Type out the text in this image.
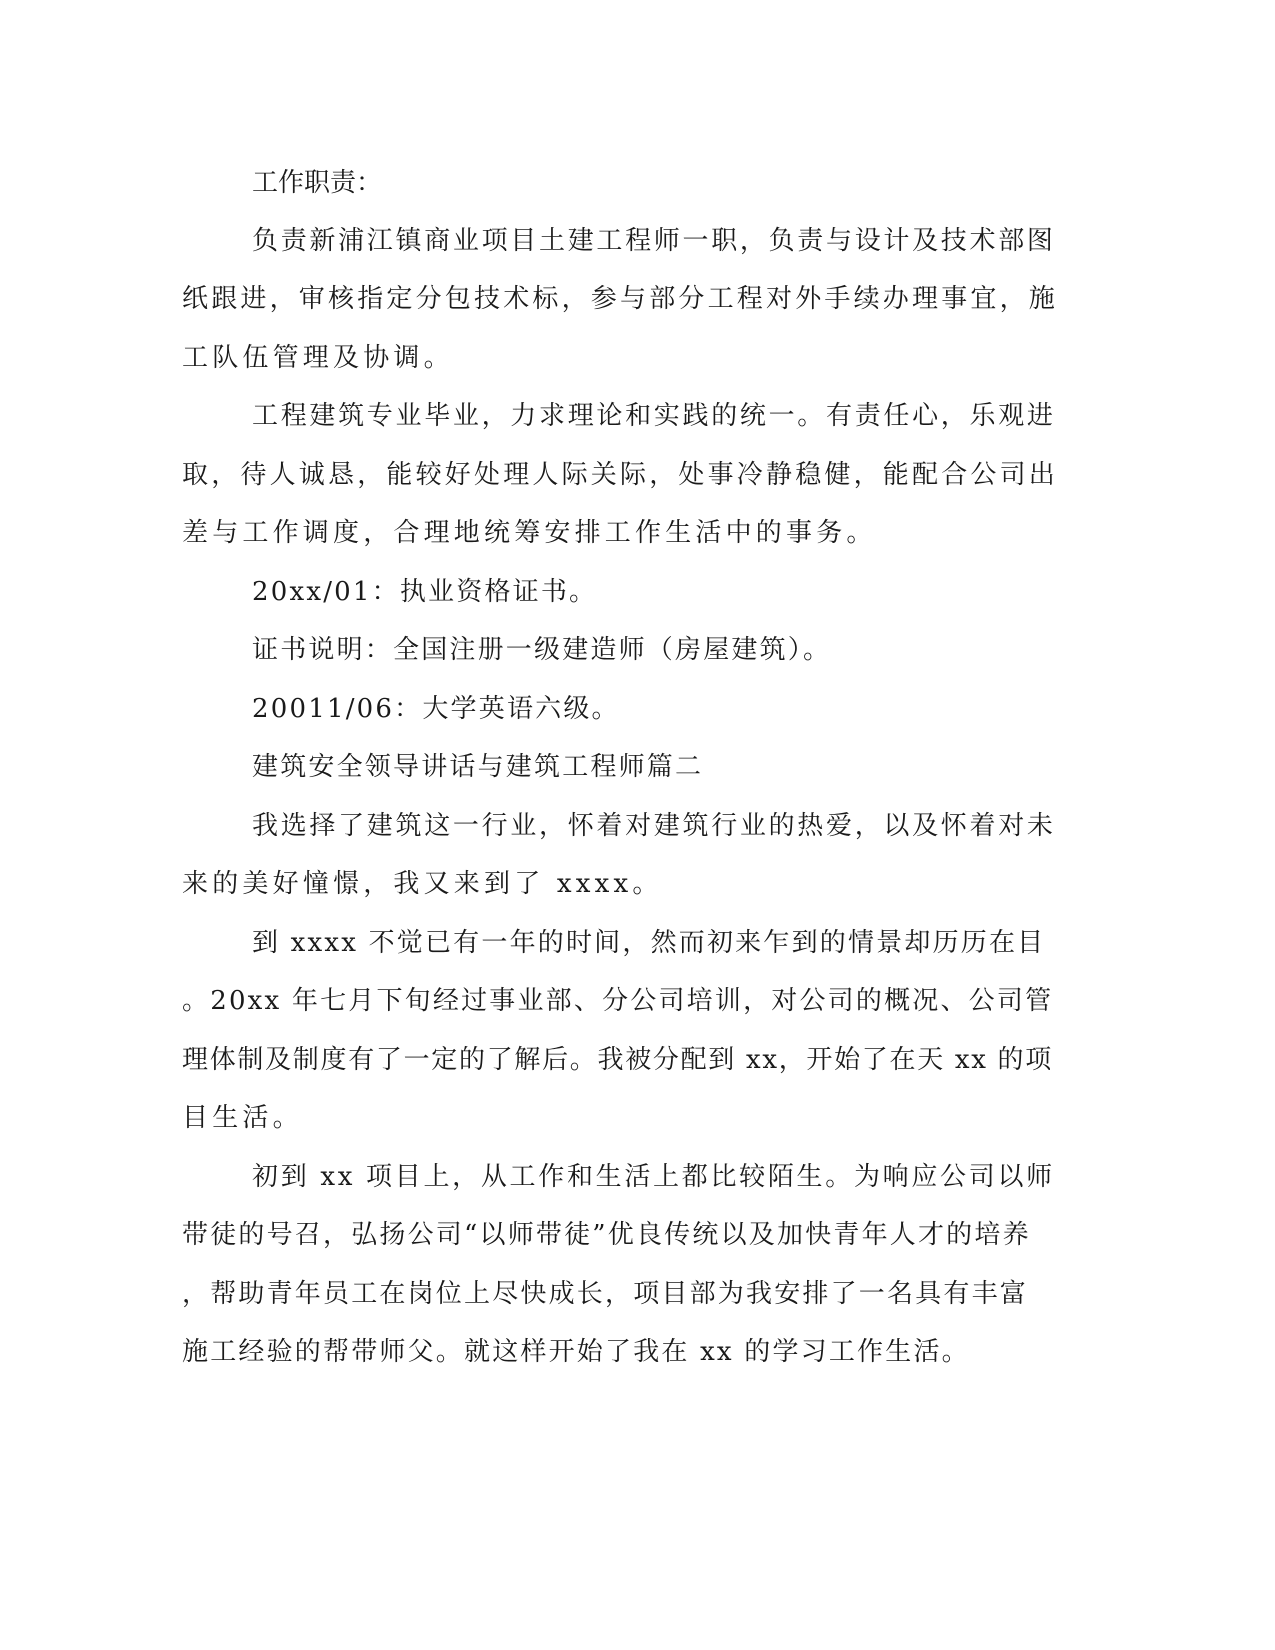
工作职责：
负责新浦江镇商业项目土建工程师一职，负责与设计及技术部图
纸跟进，审核指定分包技术标，参与部分工程对外手续办理事宜，施
工队伍管理及协调。
工程建筑专业毕业，力求理论和实践的统一。有责任心，乐观进
取，待人诚恳，能较好处理人际关际，处事冷静稳健，能配合公司出
差与工作调度，合理地统筹安排工作生活中的事务。
20xx/01：执业资格证书。
证书说明：全国注册一级建造师（房屋建筑）。
20011/06：大学英语六级。
建筑安全领导讲话与建筑工程师篇二
我选择了建筑这一行业，怀着对建筑行业的热爱，以及怀着对未
来的美好憧憬，我又来到了 xxxx。
到 xxxx 不觉已有一年的时间，然而初来乍到的情景却历历在目
。20xx 年七月下旬经过事业部、分公司培训，对公司的概况、公司管
理体制及制度有了一定的了解后。我被分配到 xx，开始了在天 xx 的项
目生活。
初到 xx 项目上，从工作和生活上都比较陌生。为响应公司以师
带徒的号召，弘扬公司“以师带徒”优良传统以及加快青年人才的培养
，帮助青年员工在岗位上尽快成长，项目部为我安排了一名具有丰富
施工经验的帮带师父。就这样开始了我在 xx 的学习工作生活。
